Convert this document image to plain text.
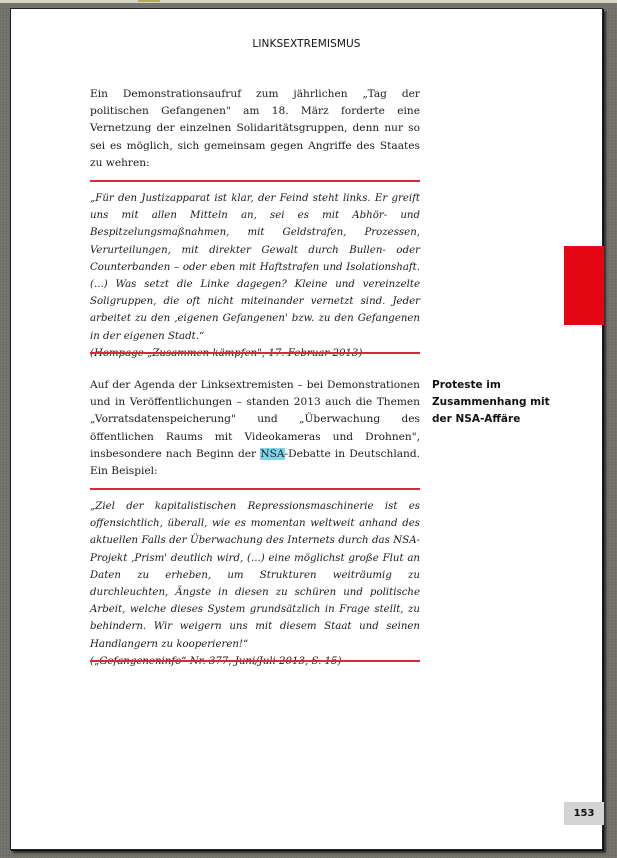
LINKSEXTREMISMUS
Ein Demonstrationsaufruf zum jährlichen „Tag der politischen Gefangenen" am 18. März forderte eine Vernetzung der einzelnen Solidaritätsgruppen, denn nur so sei es möglich, sich gemeinsam gegen Angriffe des Staates zu wehren:
„Für den Justizapparat ist klar, der Feind steht links. Er greift uns mit allen Mitteln an, sei es mit Abhör- und Bespitzelungsmaßnahmen, mit Geldstrafen, Prozessen, Verurteilungen, mit direkter Gewalt durch Bullen- oder Counterbanden – oder eben mit Haftstrafen und Isolationshaft. (...) Was setzt die Linke dagegen? Kleine und vereinzelte Soligruppen, die oft nicht miteinander vernetzt sind. Jeder arbeitet zu den ‚eigenen Gefangenen' bzw. zu den Gefangenen in der eigenen Stadt.“
Auf der Agenda der Linksextremisten – bei Demonstrationen und in Veröffentlichungen – standen 2013 auch die Themen „Vorratsdatenspeicherung" und „Überwachung des öffentlichen Raums mit Videokameras und Drohnen", insbesondere nach Beginn der NSA-Debatte in Deutschland. Ein Beispiel:
Proteste im Zusammenhang mit der NSA-Affäre
„Ziel der kapitalistischen Repressionsmaschinerie ist es offensichtlich, überall, wie es momentan weltweit anhand des aktuellen Falls der Überwachung des Internets durch das NSA-Projekt ‚Prism' deutlich wird, (...) eine möglichst große Flut an Daten zu erheben, um Strukturen weiträumig zu durchleuchten, Ängste in diesen zu schüren und politische Arbeit, welche dieses System grundsätzlich in Frage stellt, zu behindern. Wir weigern uns mit diesem Staat und seinen Handlangern zu kooperieren!“
153
